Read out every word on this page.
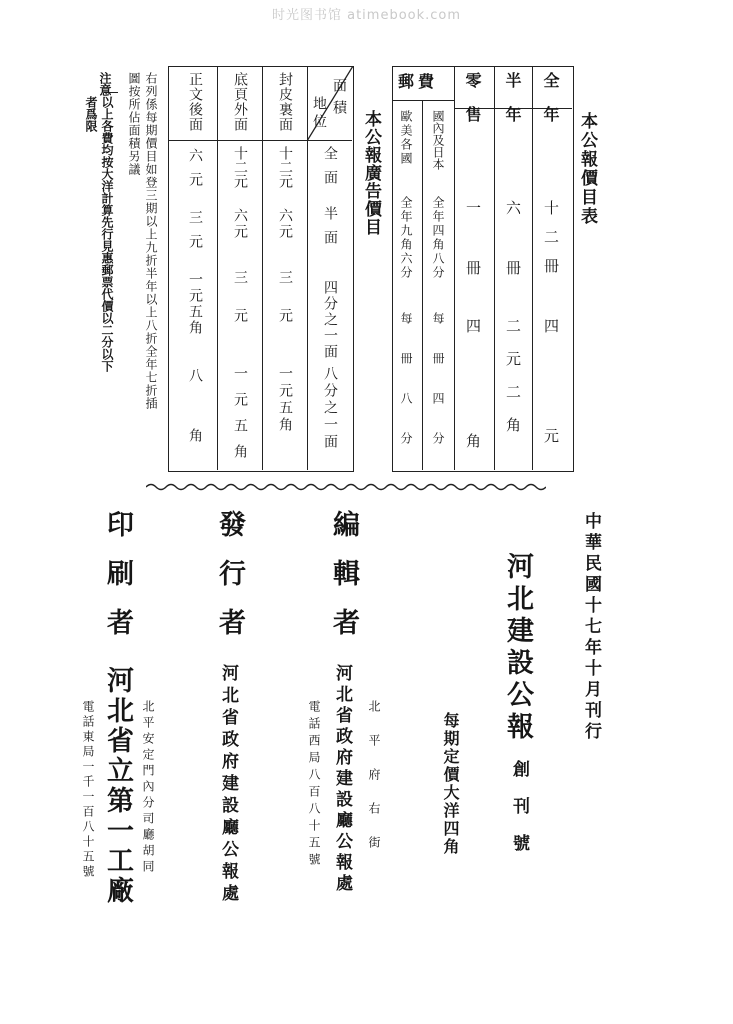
时光图书馆 atimebook.com
本公報價目表
全年
十二冊
四元
半年
六冊
二元二角
零售
一冊
四角
郵費
國內及日本
全年四角八分
每冊四分
歐美各國
全年九角六分
每冊八分
本公報廣告價目
面積
地位
全面
半面
四分之一面
八分之一面
封皮裏面
十二元
六元
三元
一元五角
底頁外面
十二元
六元
三元
一元五角
正文後面
六元
三元
一元五角
八角
右列係每期價目如登三期以上九折半年以上八折全年七折插
圖按所佔面積另議
注意
以上各費均按大洋計算先行見惠郵票代價以二分以下
者爲限
中華民國十七年十月刊行
河北建設公報
創刊號
每期定價大洋四角
編輯者
河北省政府建設廳公報處 北平府右街
電話西局八百八十五號
發行者
河北省政府建設廳公報處
印刷者
河北省立第一工廠 北平安定門內分司廳胡同
電話東局一千一百八十五號
